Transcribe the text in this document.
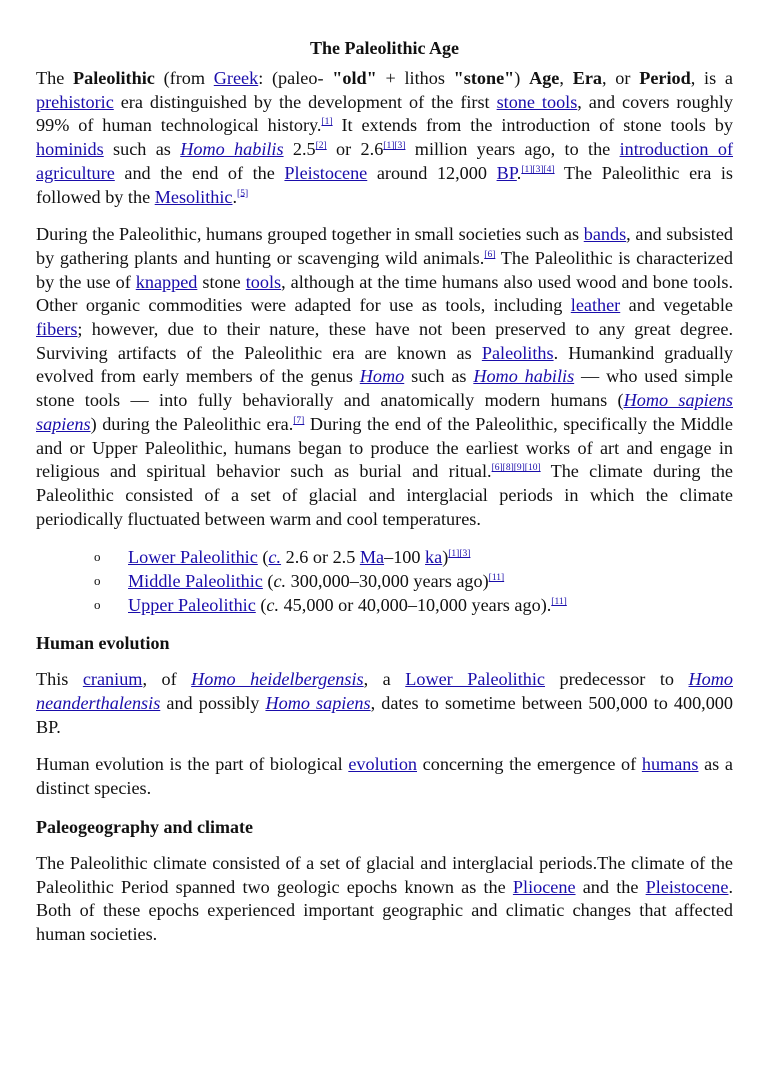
The Paleolithic Age

The Paleolithic (from Greek: (paleo- "old" + lithos "stone") Age, Era, or Period, is a prehistoric era distinguished by the development of the first stone tools, and covers roughly 99% of human technological history.[1] It extends from the introduction of stone tools by hominids such as Homo habilis 2.5[2] or 2.6[1][3] million years ago, to the introduction of agriculture and the end of the Pleistocene around 12,000 BP.[1][3][4] The Paleolithic era is followed by the Mesolithic.[5]

During the Paleolithic, humans grouped together in small societies such as bands, and subsisted by gathering plants and hunting or scavenging wild animals.[6] The Paleolithic is characterized by the use of knapped stone tools, although at the time humans also used wood and bone tools. Other organic commodities were adapted for use as tools, including leather and vegetable fibers; however, due to their nature, these have not been preserved to any great degree. Surviving artifacts of the Paleolithic era are known as Paleoliths. Humankind gradually evolved from early members of the genus Homo such as Homo habilis — who used simple stone tools — into fully behaviorally and anatomically modern humans (Homo sapiens sapiens) during the Paleolithic era.[7] During the end of the Paleolithic, specifically the Middle and or Upper Paleolithic, humans began to produce the earliest works of art and engage in religious and spiritual behavior such as burial and ritual.[6][8][9][10] The climate during the Paleolithic consisted of a set of glacial and interglacial periods in which the climate periodically fluctuated between warm and cool temperatures.

o Lower Paleolithic (c. 2.6 or 2.5 Ma–100 ka)[1][3]
o Middle Paleolithic (c. 300,000–30,000 years ago)[11]
o Upper Paleolithic (c. 45,000 or 40,000–10,000 years ago).[11]
Human evolution

This cranium, of Homo heidelbergensis, a Lower Paleolithic predecessor to Homo neanderthalensis and possibly Homo sapiens, dates to sometime between 500,000 to 400,000 BP.

Human evolution is the part of biological evolution concerning the emergence of humans as a distinct species.

Paleogeography and climate

The Paleolithic climate consisted of a set of glacial and interglacial periods.The climate of the Paleolithic Period spanned two geologic epochs known as the Pliocene and the Pleistocene. Both of these epochs experienced important geographic and climatic changes that affected human societies.
